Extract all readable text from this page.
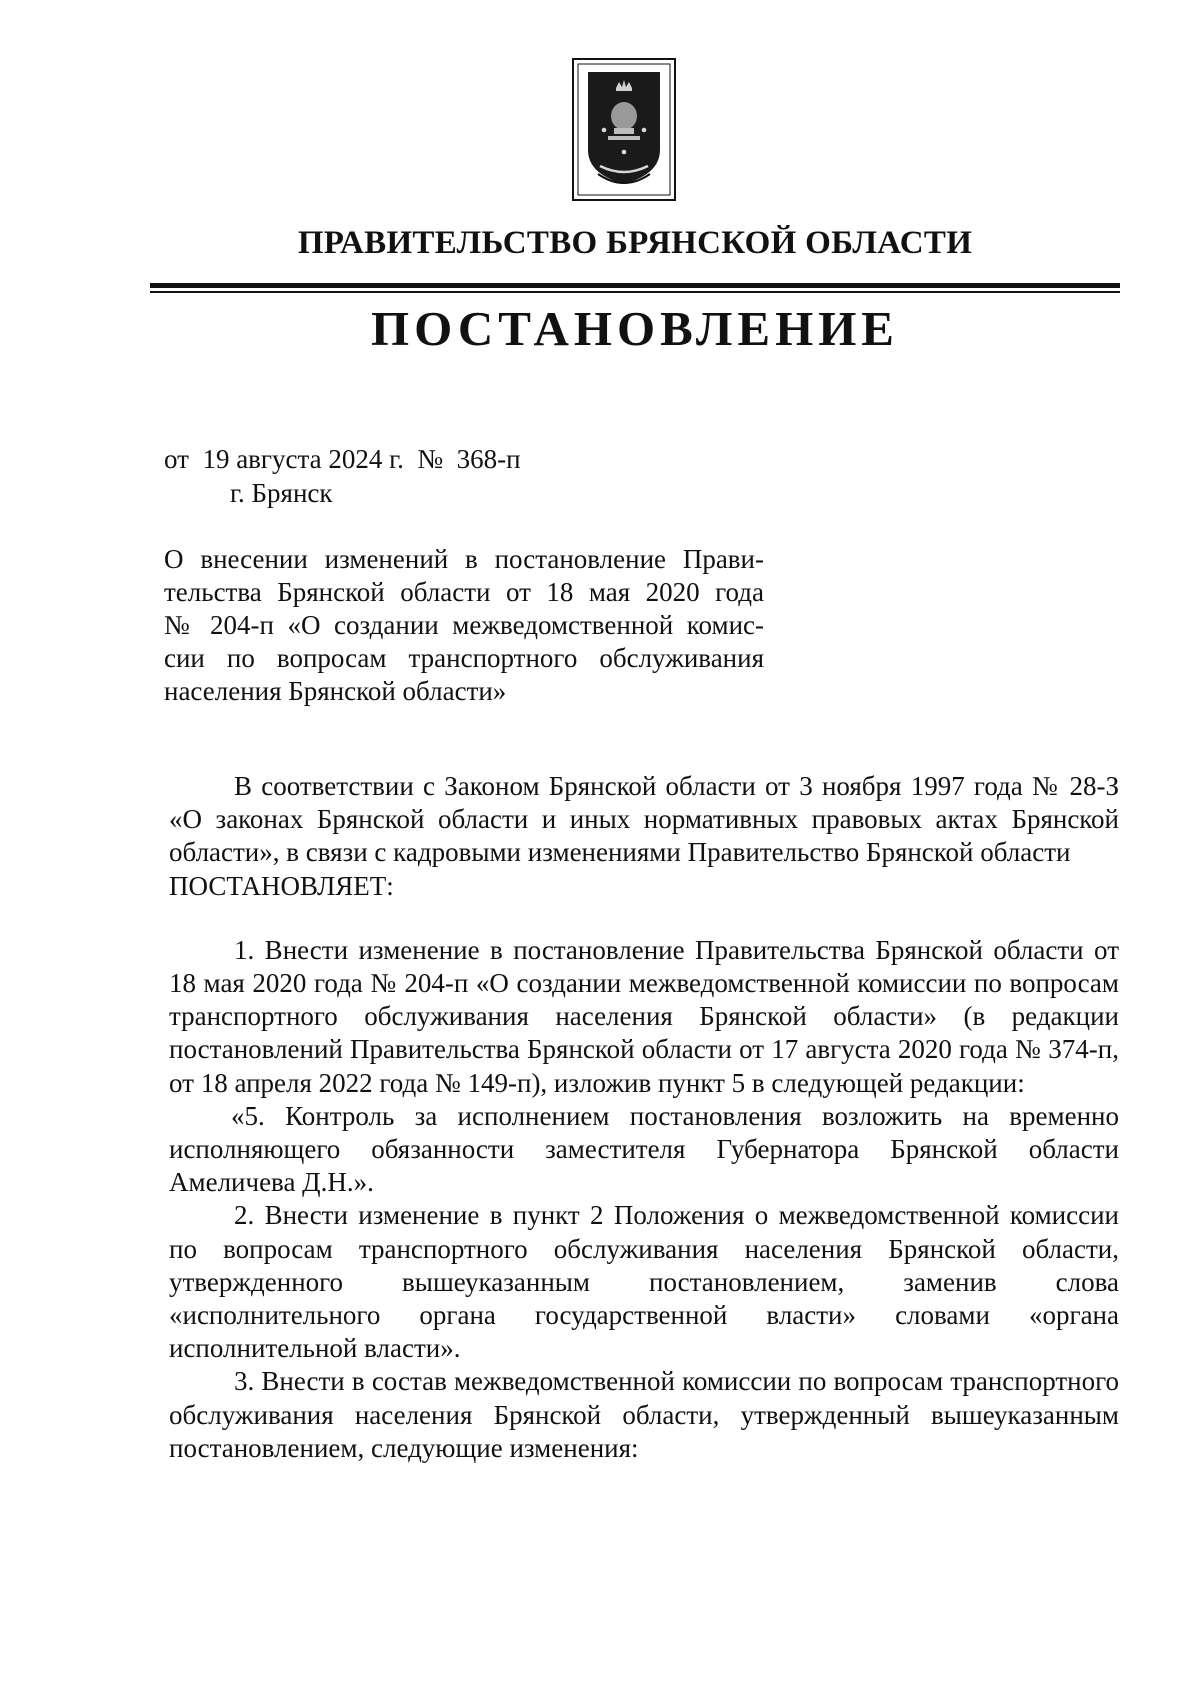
ПРАВИТЕЛЬСТВО БРЯНСКОЙ ОБЛАСТИ
ПОСТАНОВЛЕНИЕ
от  19 августа 2024 г.  №  368-п
г. Брянск

О внесении изменений в постановление Прави-
тельства Брянской области от 18 мая 2020 года
№ 204-п «О создании межведомственной комис-
сии по вопросам транспортного обслуживания
населения Брянской области»

В соответствии с Законом Брянской области от 3 ноября 1997 года № 28-З «О законах Брянской области и иных нормативных правовых актах Брянской области», в связи с кадровыми изменениями Правительство Брянской области

ПОСТАНОВЛЯЕТ:

1. Внести изменение в постановление Правительства Брянской области от 18 мая 2020 года № 204-п «О создании межведомственной комиссии по вопросам транспортного обслуживания населения Брянской области» (в редакции постановлений Правительства Брянской области от 17 августа 2020 года № 374-п, от 18 апреля 2022 года № 149-п), изложив пункт 5 в следующей редакции:

«5. Контроль за исполнением постановления возложить на временно исполняющего обязанности заместителя Губернатора Брянской области Амеличева Д.Н.».

2. Внести изменение в пункт 2 Положения о межведомственной комиссии по вопросам транспортного обслуживания населения Брянской области, утвержденного вышеуказанным постановлением, заменив слова «исполнительного органа государственной власти» словами «органа исполнительной власти».

3. Внести в состав межведомственной комиссии по вопросам транспортного обслуживания населения Брянской области, утвержденный вышеуказанным постановлением, следующие изменения:
